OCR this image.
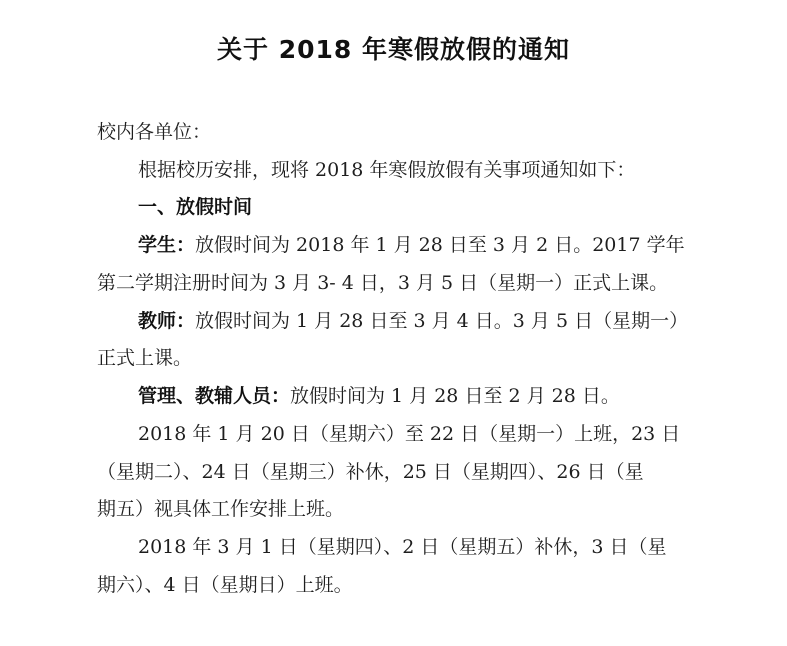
关于 2018 年寒假放假的通知
校内各单位：
根据校历安排，现将 2018 年寒假放假有关事项通知如下：
一、放假时间
学生：放假时间为 2018 年 1 月 28 日至 3 月 2 日。2017 学年
第二学期注册时间为 3 月 3- 4 日，3 月 5 日（星期一）正式上课。
教师：放假时间为 1 月 28 日至 3 月 4 日。3 月 5 日（星期一）
正式上课。
管理、教辅人员：放假时间为 1 月 28 日至 2 月 28 日。
2018 年 1 月 20 日（星期六）至 22 日（星期一）上班，23 日
（星期二）、24 日（星期三）补休，25 日（星期四）、26 日（星
期五）视具体工作安排上班。
2018 年 3 月 1 日（星期四）、2 日（星期五）补休，3 日（星
期六）、4 日（星期日）上班。
